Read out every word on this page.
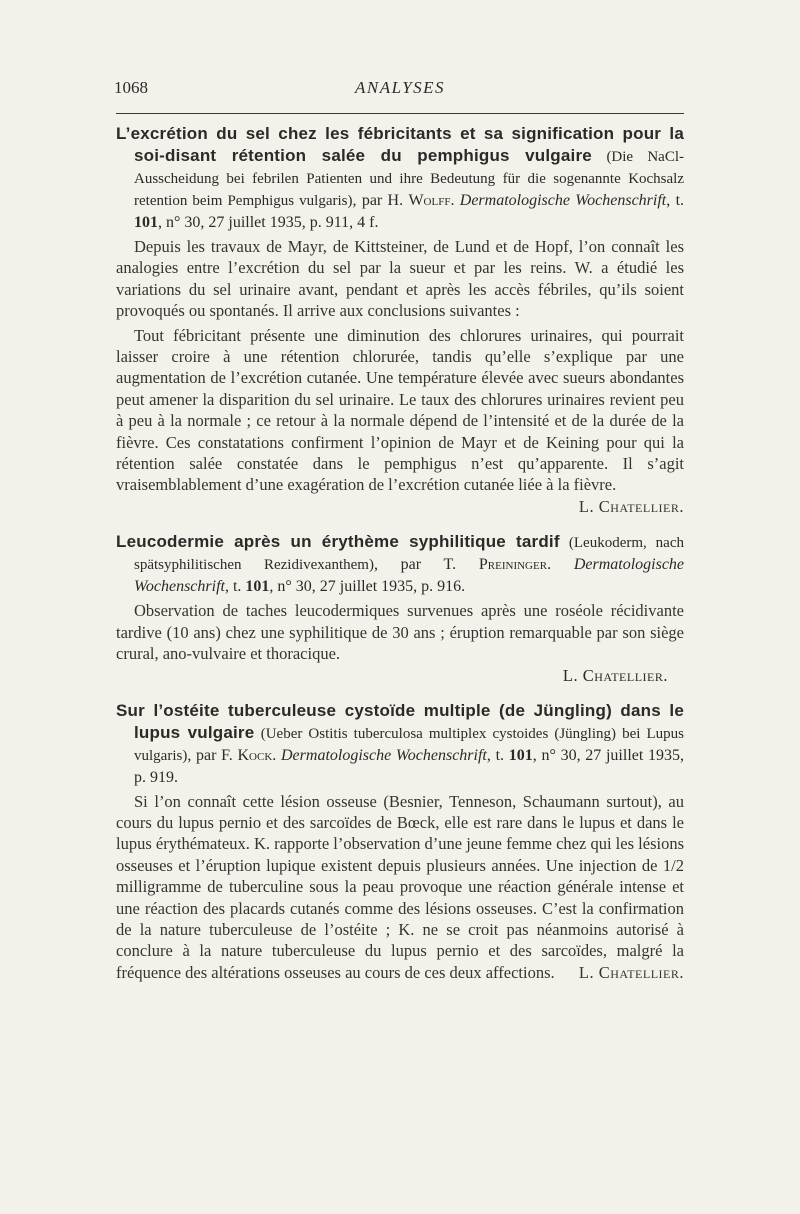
1068	ANALYSES

L’excrétion du sel chez les fébricitants et sa signification pour la soi-disant rétention salée du pemphigus vulgaire (Die NaCl-Ausscheidung bei febrilen Patienten und ihre Bedeutung für die sogenannte Kochsalz retention beim Pemphigus vulgaris), par H. Wolff. Dermatologische Wochenschrift, t. 101, n° 30, 27 juillet 1935, p. 911, 4 f.

Depuis les travaux de Mayr, de Kittsteiner, de Lund et de Hopf, l’on connaît les analogies entre l’excrétion du sel par la sueur et par les reins. W. a étudié les variations du sel urinaire avant, pendant et après les accès fébriles, qu’ils soient provoqués ou spontanés. Il arrive aux conclusions suivantes :

Tout fébricitant présente une diminution des chlorures urinaires, qui pourrait laisser croire à une rétention chlorurée, tandis qu’elle s’explique par une augmentation de l’excrétion cutanée. Une température élevée avec sueurs abondantes peut amener la disparition du sel urinaire. Le taux des chlorures urinaires revient peu à peu à la normale ; ce retour à la normale dépend de l’intensité et de la durée de la fièvre. Ces constatations confirment l’opinion de Mayr et de Keining pour qui la rétention salée constatée dans le pemphigus n’est qu’apparente. Il s’agit vraisemblablement d’une exagération de l’excrétion cutanée liée à la fièvre.
L. Chatellier.

Leucodermie après un érythème syphilitique tardif (Leukoderm, nach spätsyphilitischen Rezidivexanthem), par T. Preininger. Dermatologische Wochenschrift, t. 101, n° 30, 27 juillet 1935, p. 916.

Observation de taches leucodermiques survenues après une roséole récidivante tardive (10 ans) chez une syphilitique de 30 ans ; éruption remarquable par son siège crural, ano-vulvaire et thoracique.

L. Chatellier.

Sur l’ostéite tuberculeuse cystoïde multiple (de Jüngling) dans le lupus vulgaire (Ueber Ostitis tuberculosa multiplex cystoides (Jüngling) bei Lupus vulgaris), par F. Kock. Dermatologische Wochenschrift, t. 101, n° 30, 27 juillet 1935, p. 919.

Si l’on connaît cette lésion osseuse (Besnier, Tenneson, Schaumann surtout), au cours du lupus pernio et des sarcoïdes de Bœck, elle est rare dans le lupus et dans le lupus érythémateux. K. rapporte l’observation d’une jeune femme chez qui les lésions osseuses et l’éruption lupique existent depuis plusieurs années. Une injection de 1/2 milligramme de tuberculine sous la peau provoque une réaction générale intense et une réaction des placards cutanés comme des lésions osseuses. C’est la confirmation de la nature tuberculeuse de l’ostéite ; K. ne se croit pas néanmoins autorisé à conclure à la nature tuberculeuse du lupus pernio et des sarcoïdes, malgré la fréquence des altérations osseuses au cours de ces deux affections.	L. Chatellier.
